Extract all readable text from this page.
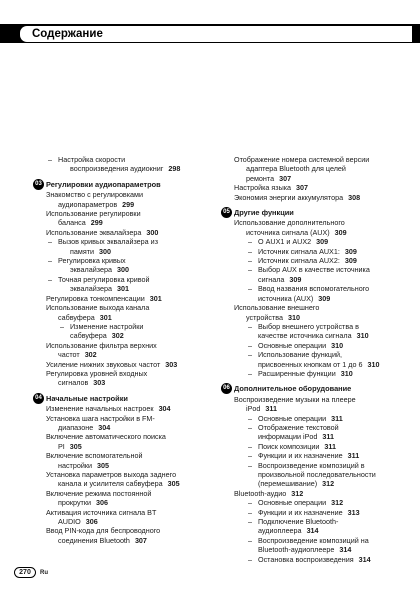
Содержание
– Настройка скорости
воспроизведения аудиокниг 298
03 Регулировки аудиопараметров
Знакомство с регулировками
аудиопараметров 299
Использование регулировки
баланса 299
Использование эквалайзера 300
– Вызов кривых эквалайзера из
памяти 300
– Регулировка кривых
эквалайзера 300
– Точная регулировка кривой
эквалайзера 301
Регулировка тонкомпенсации 301
Использование выхода канала
сабвуфера 301
– Изменение настройки
сабвуфера 302
Использование фильтра верхних
частот 302
Усиление нижних звуковых частот 303
Регулировка уровней входных
сигналов 303
04 Начальные настройки
Изменение начальных настроек 304
Установка шага настройки в FM-
диапазоне 304
Включение автоматического поиска
PI 305
Включение вспомогательной
настройки 305
Установка параметров выхода заднего
канала и усилителя сабвуфера 305
Включение режима постоянной
прокрутки 306
Активация источника сигнала BT
AUDIO 306
Ввод PIN-кода для беспроводного
соединения Bluetooth 307
Отображение номера системной версии
адаптера Bluetooth для целей
ремонта 307
Настройка языка 307
Экономия энергии аккумулятора 308
05 Другие функции
Использование дополнительного
источника сигнала (AUX) 309
– О AUX1 и AUX2 309
– Источник сигнала AUX1: 309
– Источник сигнала AUX2: 309
– Выбор AUX в качестве источника
сигнала 309
– Ввод названия вспомогательного
источника (AUX) 309
Использование внешнего
устройства 310
– Выбор внешнего устройства в
качестве источника сигнала 310
– Основные операции 310
– Использование функций,
присвоенных кнопкам от 1 до 6 310
– Расширенные функции 310
06 Дополнительное оборудование
Воспроизведение музыки на плеере
iPod 311
– Основные операции 311
– Отображение текстовой
информации iPod 311
– Поиск композиции 311
– Функции и их назначение 311
– Воспроизведение композиций в
произвольной последовательности
(перемешивание) 312
Bluetooth-аудио 312
– Основные операции 312
– Функции и их назначение 313
– Подключение Bluetooth-
аудиоплеера 314
– Воспроизведение композиций на
Bluetooth-аудиоплеере 314
– Остановка воспроизведения 314
270	Ru
